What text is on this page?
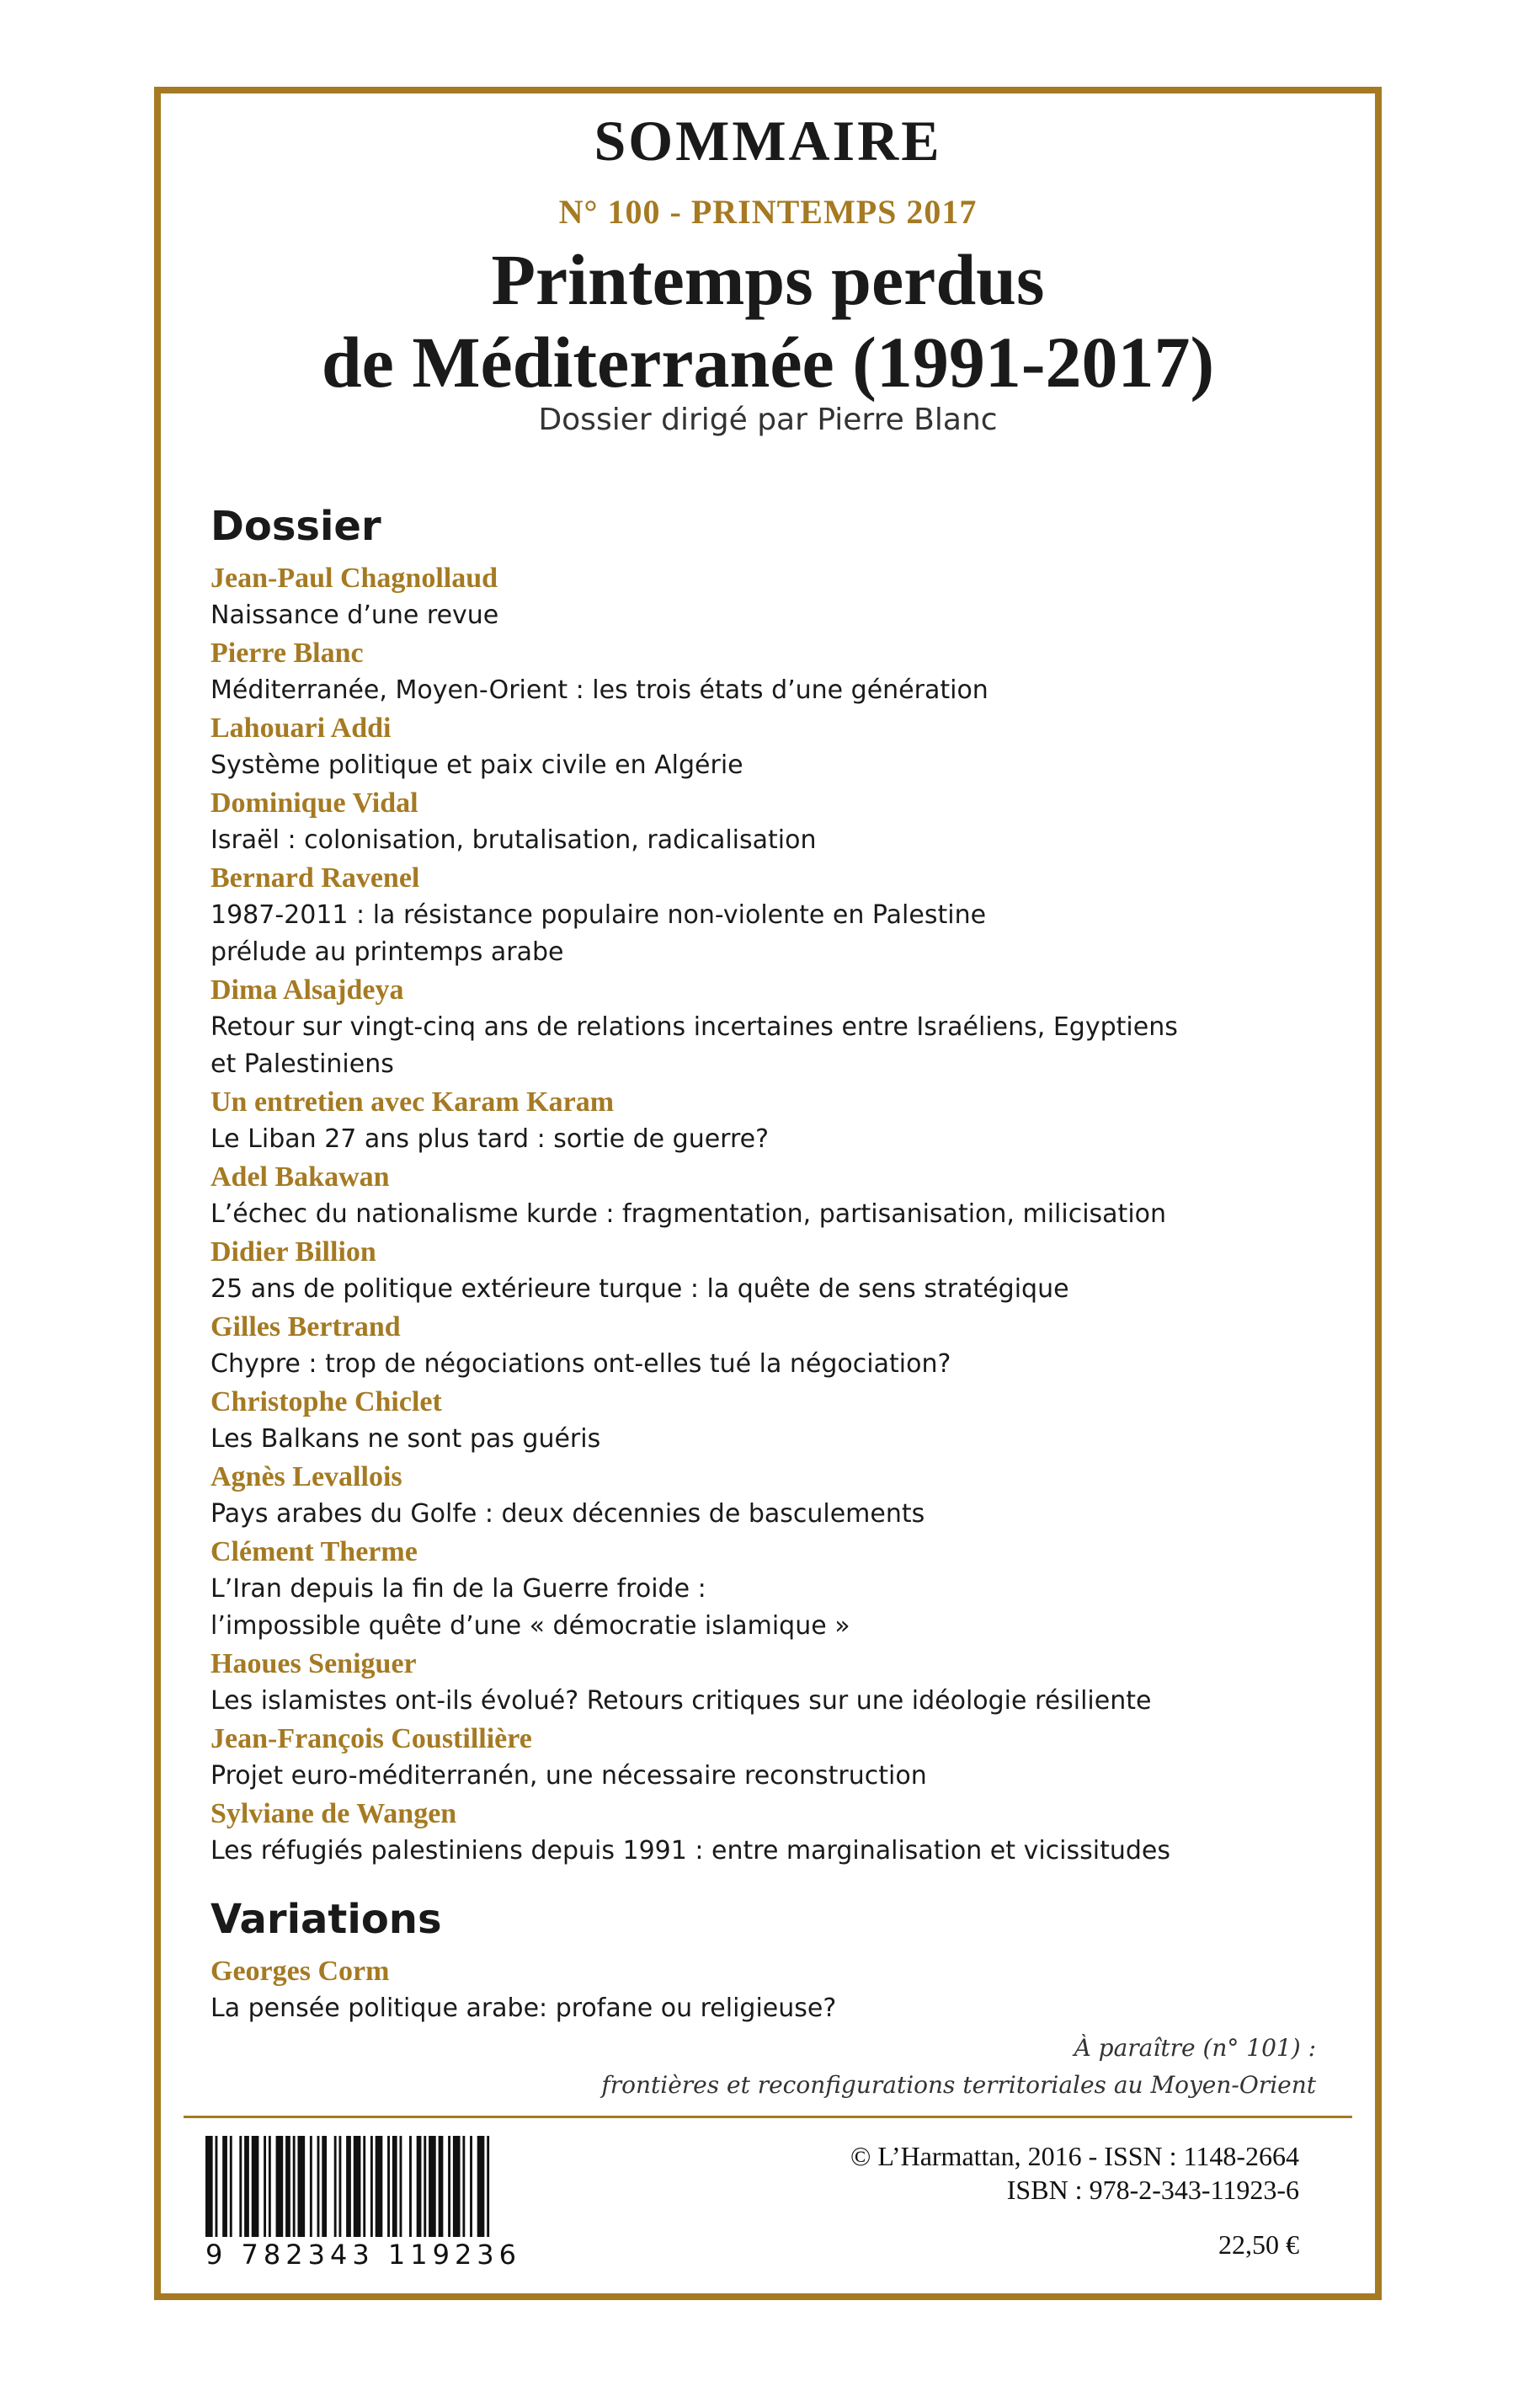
SOMMAIRE
N° 100 - PRINTEMPS 2017
Printemps perdus
de Méditerranée (1991-2017)
Dossier dirigé par Pierre Blanc
Dossier
Jean-Paul Chagnollaud
Naissance d’une revue
Pierre Blanc
Méditerranée, Moyen-Orient : les trois états d’une génération
Lahouari Addi
Système politique et paix civile en Algérie
Dominique Vidal
Israël : colonisation, brutalisation, radicalisation
Bernard Ravenel
1987-2011 : la résistance populaire non-violente en Palestine
prélude au printemps arabe
Dima Alsajdeya
Retour sur vingt-cinq ans de relations incertaines entre Israéliens, Egyptiens
et Palestiniens
Un entretien avec Karam Karam
Le Liban 27 ans plus tard : sortie de guerre?
Adel Bakawan
L’échec du nationalisme kurde : fragmentation, partisanisation, milicisation
Didier Billion
25 ans de politique extérieure turque : la quête de sens stratégique
Gilles Bertrand
Chypre : trop de négociations ont-elles tué la négociation?
Christophe Chiclet
Les Balkans ne sont pas guéris
Agnès Levallois
Pays arabes du Golfe : deux décennies de basculements
Clément Therme
L’Iran depuis la fin de la Guerre froide :
l’impossible quête d’une « démocratie islamique »
Haoues Seniguer
Les islamistes ont-ils évolué? Retours critiques sur une idéologie résiliente
Jean-François Coustillière
Projet euro-méditerranén, une nécessaire reconstruction
Sylviane de Wangen
Les réfugiés palestiniens depuis 1991 : entre marginalisation et vicissitudes
Variations
Georges Corm
La pensée politique arabe: profane ou religieuse?
À paraître (n° 101) :
frontières et reconfigurations territoriales au Moyen-Orient
9 782343 119236
© L’Harmattan, 2016 - ISSN : 1148-2664
ISBN : 978-2-343-11923-6
22,50 €
